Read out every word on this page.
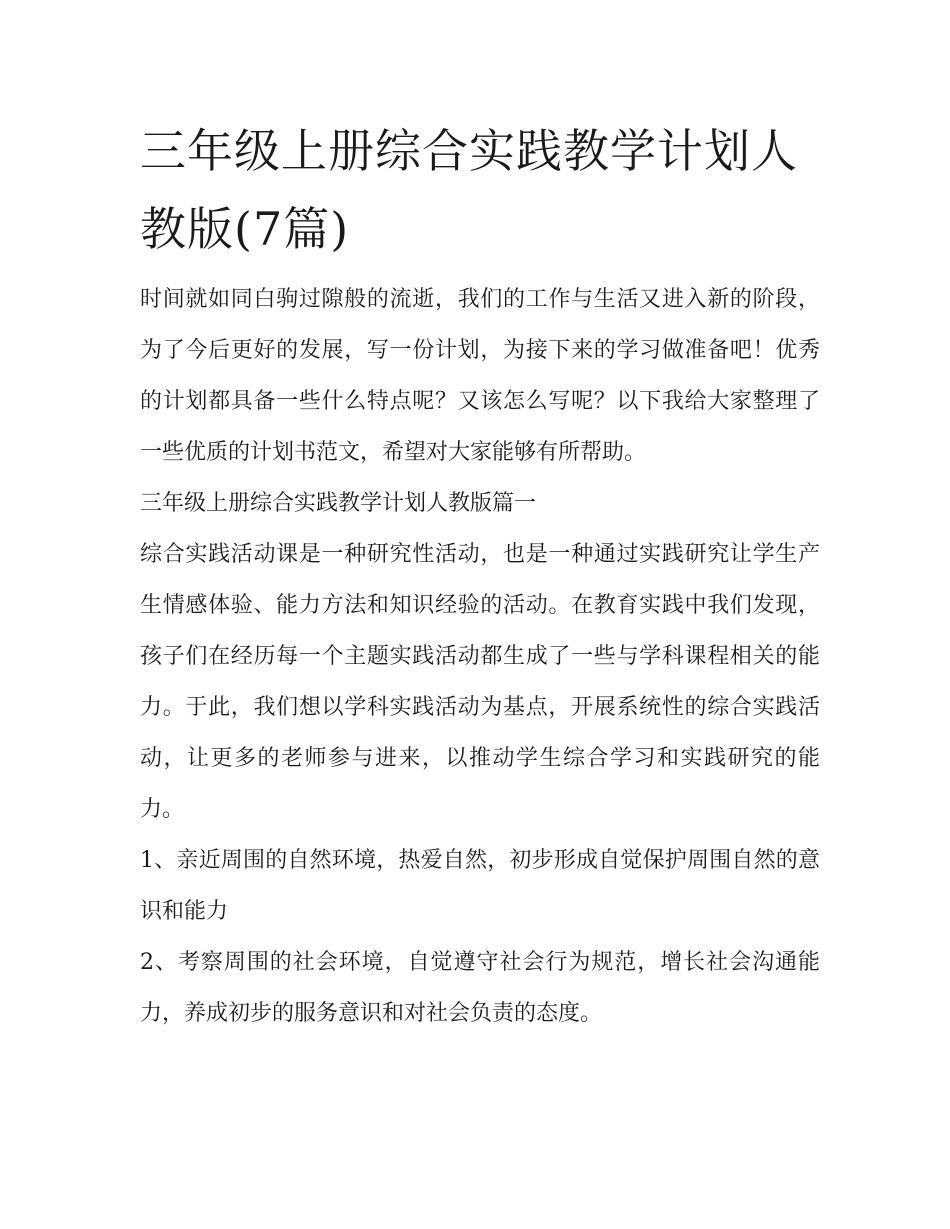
三年级上册综合实践教学计划人教版(7篇)

时间就如同白驹过隙般的流逝，我们的工作与生活又进入新的阶段，为了今后更好的发展，写一份计划，为接下来的学习做准备吧！优秀的计划都具备一些什么特点呢？又该怎么写呢？以下我给大家整理了一些优质的计划书范文，希望对大家能够有所帮助。

三年级上册综合实践教学计划人教版篇一

综合实践活动课是一种研究性活动，也是一种通过实践研究让学生产生情感体验、能力方法和知识经验的活动。在教育实践中我们发现，孩子们在经历每一个主题实践活动都生成了一些与学科课程相关的能力。于此，我们想以学科实践活动为基点，开展系统性的综合实践活动，让更多的老师参与进来，以推动学生综合学习和实践研究的能力。

1、亲近周围的自然环境，热爱自然，初步形成自觉保护周围自然的意识和能力

2、考察周围的社会环境，自觉遵守社会行为规范，增长社会沟通能力，养成初步的服务意识和对社会负责的态度。
